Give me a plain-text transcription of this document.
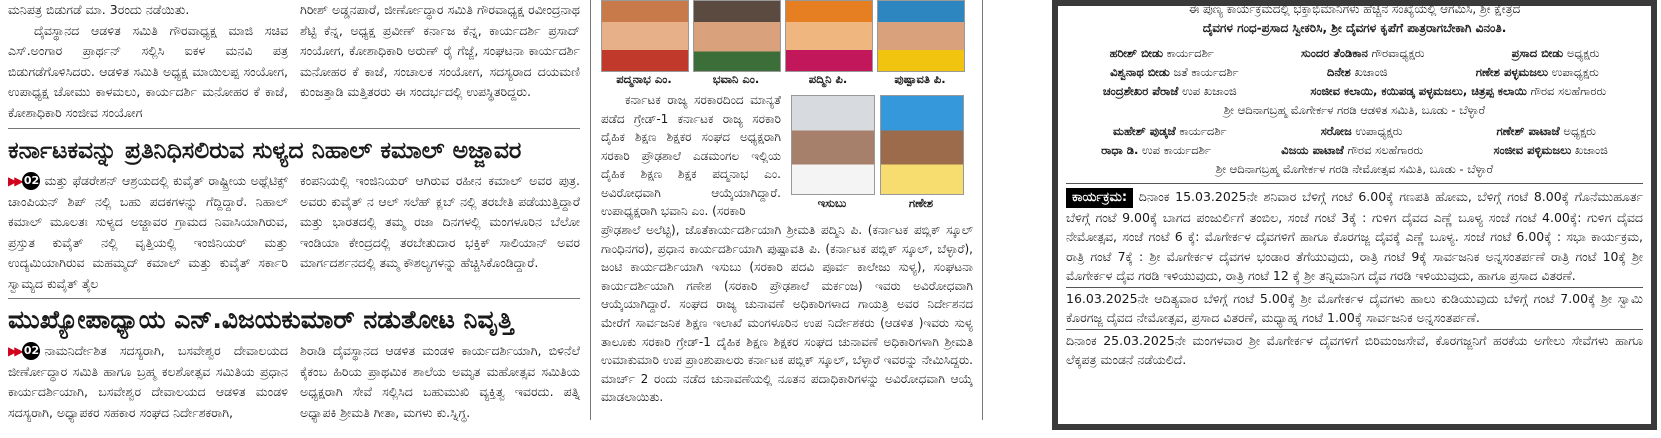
ಮನಿಪತ್ರ ಬಿಡುಗಡೆ ಮಾ. 3ರಂದು ನಡೆಯಿತು.

ದೈವಸ್ಥಾನದ ಆಡಳಿತ ಸಮಿತಿ ಗೌರವಾಧ್ಯಕ್ಷ ಮಾಜಿ ಸಚಿವ ಎಸ್.ಅಂಗಾರ ಪ್ರಾರ್ಥನ್ ಸಲ್ಲಿಸಿ ಐಕಳ ಮನವಿ ಪತ್ರ ಬಿಡುಗಡೆಗೊಳಿಸಿದರು. ಆಡಳಿತ ಸಮಿತಿ ಅಧ್ಯಕ್ಷ ಮಾಯಿಲಪ್ಪ ಸಂಯೋಗ, ಉಪಾಧ್ಯಕ್ಷ ಚೋಮು ಕಾಳಮಲು, ಕಾರ್ಯದರ್ಶಿ ಮನೋಹರ ಕೆ ಕಾಜೆ, ಕೋಶಾಧಿಕಾರಿ ಸಂಜೀವ ಸಂಯೋಗ

ಗಿರೀಶ್ ಅಡ್ಡನಪಾರೆ, ಜೀರ್ಣೋದ್ಧಾರ ಸಮಿತಿ ಗೌರವಾಧ್ಯಕ್ಷ ರವೀಂದ್ರನಾಥ ಶೆಟ್ಟಿ ಕೆನ್ನ, ಅಧ್ಯಕ್ಷ ಪ್ರವೀಣ್ ಕರ್ನಾಜ ಕೆನ್ನ, ಕಾರ್ಯದರ್ಶಿ ಪ್ರಸಾದ್ ಸಂಯೋಗ, ಕೋಶಾಧಿಕಾರಿ ಅರುಣ್ ರೈ ಗೆಜ್ಜೆ, ಸಂಘಟನಾ ಕಾರ್ಯದರ್ಶಿ ಮನೋಹರ ಕೆ ಕಾಜೆ, ಸಂಚಾಲಕ ಸಂಯೋಗ, ಸದಸ್ಯರಾದ ದಯಮಣಿ ಕುಂಜತ್ತಾಡಿ ಮತ್ತಿತರರು ಈ ಸಂದರ್ಭದಲ್ಲಿ ಉಪಸ್ಥಿತರಿದ್ದರು.

ಕರ್ನಾಟಕವನ್ನು ಪ್ರತಿನಿಧಿಸಲಿರುವ ಸುಳ್ಯದ ನಿಹಾಲ್ ಕಮಾಲ್ ಅಜ್ಜಾವರ

▶▶ 02 ಮತ್ತು ಫೆಡರೇಶನ್ ಆಶ್ರಯದಲ್ಲಿ ಕುವೈತ್ ರಾಷ್ಟ್ರೀಯ ಅಥ್ಲೆಟಿಕ್ಸ್ ಚಾಂಪಿಯನ್ ಶಿಪ್ ನಲ್ಲಿ ಬಹು ಪದಕಗಳನ್ನು ಗೆದ್ದಿದ್ದಾರೆ. ನಿಹಾಲ್ ಕಮಾಲ್ ಮೂಲತಃ ಸುಳ್ಯದ ಅಜ್ಜಾವರ ಗ್ರಾಮದ ನಿವಾಸಿಯಾಗಿರುವ, ಪ್ರಸ್ತುತ ಕುವೈತ್ ನಲ್ಲಿ ವೃತ್ತಿಯಲ್ಲಿ ಇಂಜಿನಿಯರ್ ಮತ್ತು ಉದ್ಯಮಿಯಾಗಿರುವ ಮಹಮ್ಮದ್ ಕಮಾಲ್ ಮತ್ತು ಕುವೈತ್ ಸರ್ಕಾರಿ ಸ್ವಾಮ್ಯದ ಕುವೈತ್ ತೈಲ

ಕಂಪನಿಯಲ್ಲಿ ಇಂಜಿನಿಯರ್ ಆಗಿರುವ ರಹೀನ ಕಮಾಲ್ ಅವರ ಪುತ್ರ. ಅವರು ಕುವೈತ್ ನ ಆಲ್ ಸಲೆಹ್ ಕ್ಲಬ್ ನಲ್ಲಿ ತರಬೇತಿ ಪಡೆಯುತ್ತಿದ್ದಾರೆ ಮತ್ತು ಭಾರತದಲ್ಲಿ ತಮ್ಮ ರಜಾ ದಿನಗಳಲ್ಲಿ ಮಂಗಳೂರಿನ ಬೆಲೋ ಇಂಡಿಯಾ ಕೇಂದ್ರದಲ್ಲಿ ತರಬೇತುದಾರ ಭಕ್ತಿಕ್ ಸಾಲಿಯಾನ್ ಅವರ ಮಾರ್ಗದರ್ಶನದಲ್ಲಿ ತಮ್ಮ ಕೌಶಲ್ಯಗಳನ್ನು ಹೆಚ್ಚಿಸಿಕೊಂಡಿದ್ದಾರೆ.

ಮುಖ್ಯೋಪಾಧ್ಯಾಯ ಎನ್.ವಿಜಯಕುಮಾರ್ ನಡುತೋಟ ನಿವೃತ್ತಿ

▶▶ 02 ನಾಮನಿರ್ದೇಶಿತ ಸದಸ್ಯರಾಗಿ, ಬಸವೇಶ್ವರ ದೇವಾಲಯದ ಜೀರ್ಣೋದ್ಧಾರ ಸಮಿತಿ ಹಾಗೂ ಬ್ರಹ್ಮ ಕಲಶೋತ್ಸವ ಸಮಿತಿಯ ಪ್ರಧಾನ ಕಾರ್ಯದರ್ಶಿಯಾಗಿ, ಬಸವೇಶ್ವರ ದೇವಾಲಯದ ಆಡಳಿತ ಮಂಡಳಿ ಸದಸ್ಯರಾಗಿ, ಅಧ್ಯಾಪಕರ ಸಹಕಾರ ಸಂಘದ ನಿರ್ದೇಶಕರಾಗಿ,

ಶಿರಾಡಿ ದೈವಸ್ಥಾನದ ಆಡಳಿತ ಮಂಡಳಿ ಕಾರ್ಯದರ್ಶಿಯಾಗಿ, ಬಿಳಿನೆಲೆ ಕೈಕಂಬ ಹಿರಿಯ ಪ್ರಾಥಮಿಕ ಶಾಲೆಯ ಅಮೃತ ಮಹೋತ್ಸವ ಸಮಿತಿಯ ಅಧ್ಯಕ್ಷರಾಗಿ ಸೇವೆ ಸಲ್ಲಿಸಿದ ಬಹುಮುಖಿ ವ್ಯಕ್ತಿತ್ವ ಇವರದು. ಪತ್ನಿ ಅಧ್ಯಾಪಕಿ ಶ್ರೀಮತಿ ಗೀತಾ, ಮಗಳು ಕು.ಸ್ನಿಗ್ಧ.

ಪದ್ಮನಾಭ ಎಂ.	ಭವಾನಿ ಎಂ.	ಪದ್ಮಿನಿ ಪಿ.	ಪುಷ್ಪಾವತಿ ಪಿ.

ಕರ್ನಾಟಕ ರಾಜ್ಯ ಸರಕಾರದಿಂದ ಮಾನ್ಯತೆ ಪಡೆದ ಗ್ರೇಡ್-1 ಕರ್ನಾಟಕ ರಾಜ್ಯ ಸರಕಾರಿ ದೈಹಿಕ ಶಿಕ್ಷಣ ಶಿಕ್ಷಕರ ಸಂಘದ ಅಧ್ಯಕ್ಷರಾಗಿ ಸರಕಾರಿ ಪ್ರೌಢಶಾಲೆ ಎಡಮಂಗಲ ಇಲ್ಲಿಯ ದೈಹಿಕ ಶಿಕ್ಷಣ ಶಿಕ್ಷಕ ಪದ್ಮನಾಭ ಎಂ. ಅವಿರೋಧವಾಗಿ ಆಯ್ಕೆಯಾಗಿದ್ದಾರೆ. ಉಪಾಧ್ಯಕ್ಷರಾಗಿ ಭವಾನಿ ಎಂ. (ಸರಕಾರಿ

ಇಸುಬು	ಗಣೇಶ

ಪ್ರೌಢಶಾಲೆ ಅಲೆಟ್ಟಿ), ಜೊತೆಕಾರ್ಯದರ್ಶಿಯಾಗಿ ಶ್ರೀಮತಿ ಪದ್ಮಿನಿ ಪಿ. (ಕರ್ನಾಟಕ ಪಬ್ಲಿಕ್ ಸ್ಕೂಲ್ ಗಾಂಧಿನಗರ), ಪ್ರಧಾನ ಕಾರ್ಯದರ್ಶಿಯಾಗಿ ಪುಷ್ಪಾವತಿ ಪಿ. (ಕರ್ನಾಟಕ ಪಬ್ಲಿಕ್ ಸ್ಕೂಲ್, ಬೆಳ್ಳಾರೆ), ಜಂಟಿ ಕಾರ್ಯದರ್ಶಿಯಾಗಿ ಇಸುಬು (ಸರಕಾರಿ ಪದವಿ ಪೂರ್ವ ಕಾಲೇಜು ಸುಳ್ಯ), ಸಂಘಟನಾ ಕಾರ್ಯದರ್ಶಿಯಾಗಿ ಗಣೇಶ (ಸರಕಾರಿ ಪ್ರೌಢಶಾಲೆ ಮರ್ಕಂಜ) ಇವರು ಅವಿರೋಧವಾಗಿ ಆಯ್ಕೆಯಾಗಿದ್ದಾರೆ. ಸಂಘದ ರಾಜ್ಯ ಚುನಾವಣೆ ಅಧಿಕಾರಿಗಳಾದ ಗಾಯತ್ರಿ ಅವರ ನಿರ್ದೇಶನದ ಮೇರೆಗೆ ಸಾರ್ವಜನಿಕ ಶಿಕ್ಷಣ ಇಲಾಖೆ ಮಂಗಳೂರಿನ ಉಪ ನಿರ್ದೇಶಕರು (ಆಡಳಿತ )ಇವರು ಸುಳ್ಯ ತಾಲೂಕು ಸರಕಾರಿ ಗ್ರೇಡ್-1 ದೈಹಿಕ ಶಿಕ್ಷಣ ಶಿಕ್ಷಕರ ಸಂಘದ ಚುನಾವಣೆ ಅಧಿಕಾರಿಗಳಾಗಿ ಶ್ರೀಮತಿ ಉಮಾಕುಮಾರಿ ಉಪ ಪ್ರಾಂಶುಪಾಲರು ಕರ್ನಾಟಕ ಪಬ್ಲಿಕ್ ಸ್ಕೂಲ್, ಬೆಳ್ಳಾರೆ ಇವರನ್ನು ನೇಮಿಸಿದ್ದರು. ಮಾರ್ಚ್ 2 ರಂದು ನಡೆದ ಚುನಾವಣೆಯಲ್ಲಿ ನೂತನ ಪದಾಧಿಕಾರಿಗಳನ್ನು ಅವಿರೋಧವಾಗಿ ಆಯ್ಕೆ ಮಾಡಲಾಯಿತು.

ಈ ಪುಣ್ಯ ಕಾರ್ಯಕ್ರಮದಲ್ಲಿ ಭಕ್ತಾಭಿಮಾನಿಗಳು ಹೆಚ್ಚಿನ ಸಂಖ್ಯೆಯಲ್ಲಿ ಆಗಮಿಸಿ, ಶ್ರೀ ಕ್ಷೇತ್ರದ

ದೈವಗಳ ಗಂಧ-ಪ್ರಸಾದ ಸ್ವೀಕರಿಸಿ, ಶ್ರೀ ದೈವಗಳ ಕೃಪೆಗೆ ಪಾತ್ರರಾಗಬೇಕಾಗಿ ವಿನಂತಿ.

ಹರೀಶ್ ಬೀಡು ಕಾರ್ಯದರ್ಶಿ	ಸುಂದರ ತೆಂಡಿಕಾನ ಗೌರವಾಧ್ಯಕ್ಷರು	ಪ್ರಸಾದ ಬೀಡು ಅಧ್ಯಕ್ಷರು
ವಿಶ್ವನಾಥ ಬೀಡು ಜತೆ ಕಾರ್ಯದರ್ಶಿ	ದಿನೇಶ ಖಜಾಂಜಿ	ಗಣೇಶ ಪಳ್ಳಮಜಲು ಉಪಾಧ್ಯಕ್ಷರು
ಚಂದ್ರಶೇಖರ ಪೆರಾಜೆ ಉಪ ಖಜಾಂಜಿ	ಸಂಜೀವ ಕಲಾಯಿ, ಕಯಿಪಡ್ಕ ಪಳ್ಳಮಜಲು, ಚಿತ್ರಪ್ಪ ಕಲಾಯಿ ಗೌರವ ಸಲಹೆಗಾರರು

ಶ್ರೀ ಆದಿನಾಗಬ್ರಹ್ಮ ಮೊಗೇರ್ಕಳ ಗರಡಿ ಆಡಳಿತ ಸಮಿತಿ, ಬೂಡು - ಬೆಳ್ಳಾರೆ

ಮಹೇಶ್ ಪುಡ್ಕಜೆ ಕಾರ್ಯದರ್ಶಿ	ಸರೋಜ ಉಪಾಧ್ಯಕ್ಷರು	ಗಣೇಶ್ ಪಾಟಾಜೆ ಅಧ್ಯಕ್ಷರು
ರಾಧಾ ಡಿ. ಉಪ ಕಾರ್ಯದರ್ಶಿ	ವಿಜಯ ಪಾಟಾಜೆ ಗೌರವ ಸಲಹೆಗಾರರು	ಸಂಜೀವ ಪಳ್ಳಿಮಜಲು ಖಜಾಂಜಿ

ಶ್ರೀ ಆದಿನಾಗಬ್ರಹ್ಮ ಮೊಗೇರ್ಕಳ ಗರಡಿ ನೇಮೋತ್ಸವ ಸಮಿತಿ, ಬೂಡು - ಬೆಳ್ಳಾರೆ

ಕಾರ್ಯಕ್ರಮ: ದಿನಾಂಕ 15.03.2025ನೇ ಶನಿವಾರ ಬೆಳಿಗ್ಗೆ ಗಂಟೆ 6.00ಕ್ಕೆ ಗಣಪತಿ ಹೋಮ, ಬೆಳಿಗ್ಗೆ ಗಂಟೆ 8.00ಕ್ಕೆ ಗೊನೆಮುಹೂರ್ತ ಬೆಳಿಗ್ಗೆ ಗಂಟೆ 9.00ಕ್ಕೆ ಬಾಗದ ಪಂಜುರ್ಲಿಗೆ ತಂಬಿಲ, ಸಂಜೆ ಗಂಟೆ 3ಕ್ಕೆ : ಗುಳಿಗ ದೈವದ ಎಣ್ಣೆ ಬೂಳ್ಯ ಸಂಜೆ ಗಂಟೆ 4.00ಕ್ಕೆ: ಗುಳಿಗ ದೈವದ ನೇಮೋತ್ಸವ, ಸಂಜೆ ಗಂಟೆ 6 ಕ್ಕೆ: ಮೊಗೇರ್ಕಳ ದೈವಗಳಿಗೆ ಹಾಗೂ ಕೊರಗಜ್ಜ ದೈವಕ್ಕೆ ಎಣ್ಣೆ ಬೂಳ್ಯ. ಸಂಜೆ ಗಂಟೆ 6.00ಕ್ಕೆ : ಸಭಾ ಕಾರ್ಯಕ್ರಮ, ರಾತ್ರಿ ಗಂಟೆ 7ಕ್ಕೆ : ಶ್ರೀ ಮೊಗೇರ್ಕಳ ದೈವಗಳ ಭಂಡಾರ ತೆಗೆಯುವುದು, ರಾತ್ರಿ ಗಂಟೆ 9ಕ್ಕೆ ಸಾರ್ವಜನಿಕ ಅನ್ನಸಂತರ್ಪಣೆ ರಾತ್ರಿ ಗಂಟೆ 10ಕ್ಕೆ ಶ್ರೀ ಮೊಗೇರ್ಕಳ ದೈವ ಗರಡಿ ಇಳಿಯುವುದು, ರಾತ್ರಿ ಗಂಟೆ 12 ಕ್ಕೆ ಶ್ರೀ ತನ್ನಿಮಾನಿಗ ದೈವ ಗರಡಿ ಇಳಿಯುವುದು, ಹಾಗೂ ಪ್ರಸಾದ ವಿತರಣೆ.

16.03.2025ನೇ ಆದಿತ್ಯವಾರ ಬೆಳಿಗ್ಗೆ ಗಂಟೆ 5.00ಕ್ಕೆ ಶ್ರೀ ಮೊಗೇರ್ಕಳ ದೈವಗಳು ಹಾಲು ಕುಡಿಯುವುದು ಬೆಳಿಗ್ಗೆ ಗಂಟೆ 7.00ಕ್ಕೆ ಶ್ರೀ ಸ್ವಾಮಿ ಕೊರಗಜ್ಜ ದೈವದ ನೇಮೋತ್ಸವ, ಪ್ರಸಾದ ವಿತರಣೆ, ಮಧ್ಯಾಹ್ನ ಗಂಟೆ 1.00ಕ್ಕೆ ಸಾರ್ವಜನಿಕ ಅನ್ನಸಂತರ್ಪಣೆ.

ದಿನಾಂಕ 25.03.2025ನೇ ಮಂಗಳವಾರ ಶ್ರೀ ಮೊಗೇರ್ಕಳ ದೈವಗಳಿಗೆ ಬಿರಿಮಂಜಸೇವೆ, ಕೊರಗಜ್ಜನಿಗೆ ಹರಕೆಯ ಅಗೇಲು ಸೇವೆಗಳು ಹಾಗೂ ಲೆಕ್ಕಪತ್ರ ಮಂಡನೆ ನಡೆಯಲಿದೆ.
